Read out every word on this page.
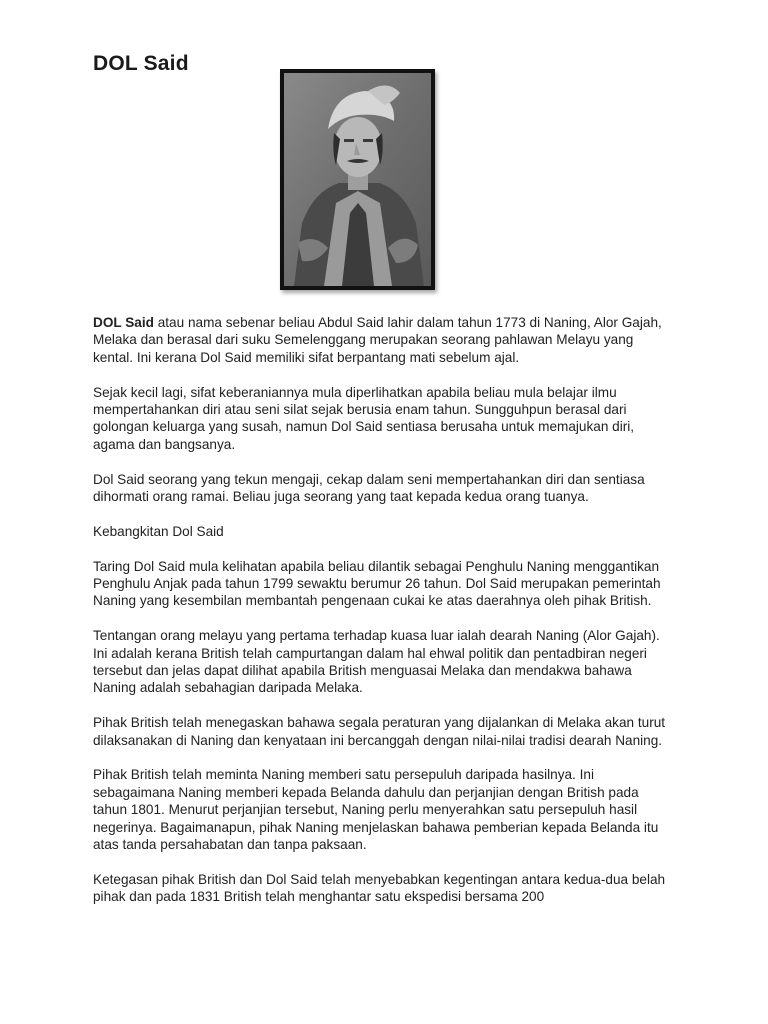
DOL Said

DOL Said atau nama sebenar beliau Abdul Said lahir dalam tahun 1773 di Naning, Alor Gajah, Melaka dan berasal dari suku Semelenggang merupakan seorang pahlawan Melayu yang kental. Ini kerana Dol Said memiliki sifat berpantang mati sebelum ajal.

Sejak kecil lagi, sifat keberaniannya mula diperlihatkan apabila beliau mula belajar ilmu mempertahankan diri atau seni silat sejak berusia enam tahun. Sungguhpun berasal dari golongan keluarga yang susah, namun Dol Said sentiasa berusaha untuk memajukan diri, agama dan bangsanya.

Dol Said seorang yang tekun mengaji, cekap dalam seni mempertahankan diri dan sentiasa dihormati orang ramai. Beliau juga seorang yang taat kepada kedua orang tuanya.

Kebangkitan Dol Said

Taring Dol Said mula kelihatan apabila beliau dilantik sebagai Penghulu Naning menggantikan Penghulu Anjak pada tahun 1799 sewaktu berumur 26 tahun. Dol Said merupakan pemerintah Naning yang kesembilan membantah pengenaan cukai ke atas daerahnya oleh pihak British.

Tentangan orang melayu yang pertama terhadap kuasa luar ialah dearah Naning (Alor Gajah). Ini adalah kerana British telah campurtangan dalam hal ehwal politik dan pentadbiran negeri tersebut dan jelas dapat dilihat apabila British menguasai Melaka dan mendakwa bahawa Naning adalah sebahagian daripada Melaka.

Pihak British telah menegaskan bahawa segala peraturan yang dijalankan di Melaka akan turut dilaksanakan di Naning dan kenyataan ini bercanggah dengan nilai-nilai tradisi dearah Naning.

Pihak British telah meminta Naning memberi satu persepuluh daripada hasilnya. Ini sebagaimana Naning memberi kepada Belanda dahulu dan perjanjian dengan British pada tahun 1801. Menurut perjanjian tersebut, Naning perlu menyerahkan satu persepuluh hasil negerinya. Bagaimanapun, pihak Naning menjelaskan bahawa pemberian kepada Belanda itu atas tanda persahabatan dan tanpa paksaan.

Ketegasan pihak British dan Dol Said telah menyebabkan kegentingan antara kedua-dua belah pihak dan pada 1831 British telah menghantar satu ekspedisi bersama 200
